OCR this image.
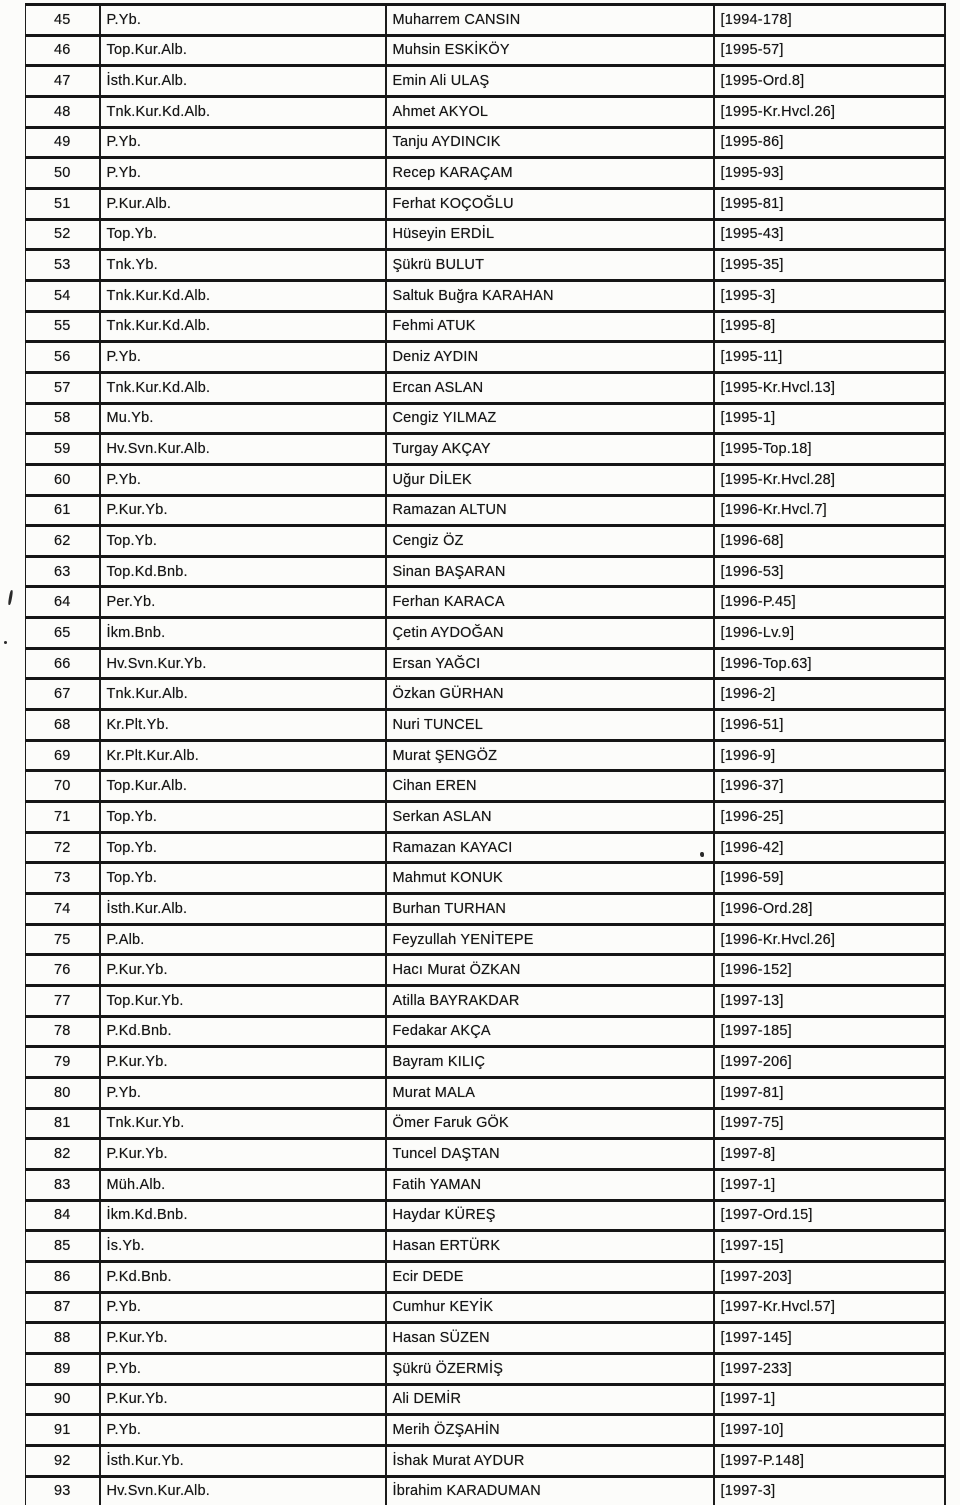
45	P.Yb.	Muharrem CANSIN	[1994-178]
46	Top.Kur.Alb.	Muhsin ESKİKÖY	[1995-57]
47	İsth.Kur.Alb.	Emin Ali ULAŞ	[1995-Ord.8]
48	Tnk.Kur.Kd.Alb.	Ahmet AKYOL	[1995-Kr.Hvcl.26]
49	P.Yb.	Tanju AYDINCIK	[1995-86]
50	P.Yb.	Recep KARAÇAM	[1995-93]
51	P.Kur.Alb.	Ferhat KOÇOĞLU	[1995-81]
52	Top.Yb.	Hüseyin ERDİL	[1995-43]
53	Tnk.Yb.	Şükrü BULUT	[1995-35]
54	Tnk.Kur.Kd.Alb.	Saltuk Buğra KARAHAN	[1995-3]
55	Tnk.Kur.Kd.Alb.	Fehmi ATUK	[1995-8]
56	P.Yb.	Deniz AYDIN	[1995-11]
57	Tnk.Kur.Kd.Alb.	Ercan ASLAN	[1995-Kr.Hvcl.13]
58	Mu.Yb.	Cengiz YILMAZ	[1995-1]
59	Hv.Svn.Kur.Alb.	Turgay AKÇAY	[1995-Top.18]
60	P.Yb.	Uğur DİLEK	[1995-Kr.Hvcl.28]
61	P.Kur.Yb.	Ramazan ALTUN	[1996-Kr.Hvcl.7]
62	Top.Yb.	Cengiz ÖZ	[1996-68]
63	Top.Kd.Bnb.	Sinan BAŞARAN	[1996-53]
64	Per.Yb.	Ferhan KARACA	[1996-P.45]
65	İkm.Bnb.	Çetin AYDOĞAN	[1996-Lv.9]
66	Hv.Svn.Kur.Yb.	Ersan YAĞCI	[1996-Top.63]
67	Tnk.Kur.Alb.	Özkan GÜRHAN	[1996-2]
68	Kr.Plt.Yb.	Nuri TUNCEL	[1996-51]
69	Kr.Plt.Kur.Alb.	Murat ŞENGÖZ	[1996-9]
70	Top.Kur.Alb.	Cihan EREN	[1996-37]
71	Top.Yb.	Serkan ASLAN	[1996-25]
72	Top.Yb.	Ramazan KAYACI	[1996-42]
73	Top.Yb.	Mahmut KONUK	[1996-59]
74	İsth.Kur.Alb.	Burhan TURHAN	[1996-Ord.28]
75	P.Alb.	Feyzullah YENİTEPE	[1996-Kr.Hvcl.26]
76	P.Kur.Yb.	Hacı Murat ÖZKAN	[1996-152]
77	Top.Kur.Yb.	Atilla BAYRAKDAR	[1997-13]
78	P.Kd.Bnb.	Fedakar AKÇA	[1997-185]
79	P.Kur.Yb.	Bayram KILIÇ	[1997-206]
80	P.Yb.	Murat MALA	[1997-81]
81	Tnk.Kur.Yb.	Ömer Faruk GÖK	[1997-75]
82	P.Kur.Yb.	Tuncel DAŞTAN	[1997-8]
83	Müh.Alb.	Fatih YAMAN	[1997-1]
84	İkm.Kd.Bnb.	Haydar KÜREŞ	[1997-Ord.15]
85	İs.Yb.	Hasan ERTÜRK	[1997-15]
86	P.Kd.Bnb.	Ecir DEDE	[1997-203]
87	P.Yb.	Cumhur KEYİK	[1997-Kr.Hvcl.57]
88	P.Kur.Yb.	Hasan SÜZEN	[1997-145]
89	P.Yb.	Şükrü ÖZERMİŞ	[1997-233]
90	P.Kur.Yb.	Ali DEMİR	[1997-1]
91	P.Yb.	Merih ÖZŞAHİN	[1997-10]
92	İsth.Kur.Yb.	İshak Murat AYDUR	[1997-P.148]
93	Hv.Svn.Kur.Alb.	İbrahim KARADUMAN	[1997-3]
